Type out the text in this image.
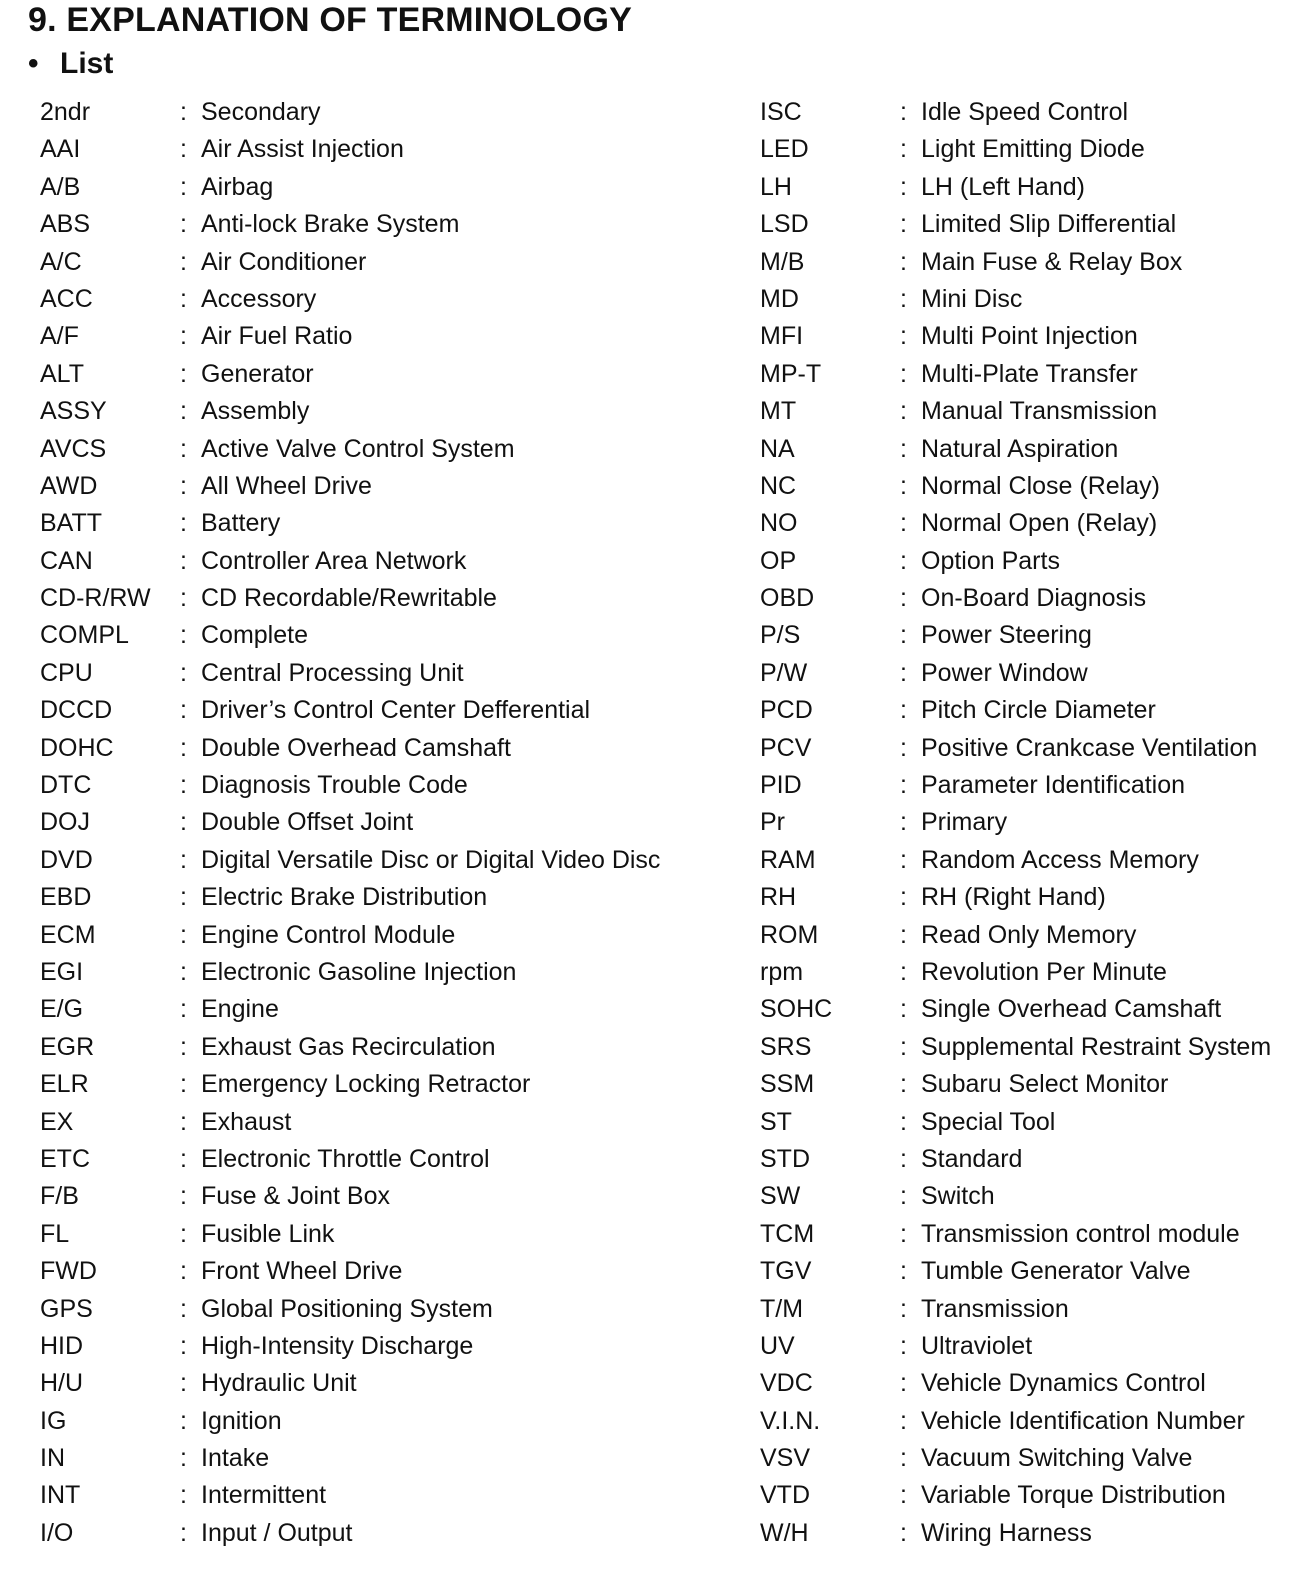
9. EXPLANATION OF TERMINOLOGY
• List
2ndr	: Secondary
AAI	: Air Assist Injection
A/B	: Airbag
ABS	: Anti-lock Brake System
A/C	: Air Conditioner
ACC	: Accessory
A/F	: Air Fuel Ratio
ALT	: Generator
ASSY	: Assembly
AVCS	: Active Valve Control System
AWD	: All Wheel Drive
BATT	: Battery
CAN	: Controller Area Network
CD-R/RW : CD Recordable/Rewritable
COMPL : Complete
CPU	: Central Processing Unit
DCCD	: Driver’s Control Center Defferential
DOHC	: Double Overhead Camshaft
DTC	: Diagnosis Trouble Code
DOJ	: Double Offset Joint
DVD	: Digital Versatile Disc or Digital Video Disc
EBD	: Electric Brake Distribution
ECM	: Engine Control Module
EGI	: Electronic Gasoline Injection
E/G	: Engine
EGR	: Exhaust Gas Recirculation
ELR	: Emergency Locking Retractor
EX	: Exhaust
ETC	: Electronic Throttle Control
F/B	: Fuse & Joint Box
FL	: Fusible Link
FWD	: Front Wheel Drive
GPS	: Global Positioning System
HID	: High-Intensity Discharge
H/U	: Hydraulic Unit
IG	: Ignition
IN	: Intake
INT	: Intermittent
I/O	: Input / Output
ISC	: Idle Speed Control
LED	: Light Emitting Diode
LH	: LH (Left Hand)
LSD	: Limited Slip Differential
M/B	: Main Fuse & Relay Box
MD	: Mini Disc
MFI	: Multi Point Injection
MP-T	: Multi-Plate Transfer
MT	: Manual Transmission
NA	: Natural Aspiration
NC	: Normal Close (Relay)
NO	: Normal Open (Relay)
OP	: Option Parts
OBD	: On-Board Diagnosis
P/S	: Power Steering
P/W	: Power Window
PCD	: Pitch Circle Diameter
PCV	: Positive Crankcase Ventilation
PID	: Parameter Identification
Pr	: Primary
RAM	: Random Access Memory
RH	: RH (Right Hand)
ROM	: Read Only Memory
rpm	: Revolution Per Minute
SOHC	: Single Overhead Camshaft
SRS	: Supplemental Restraint System
SSM	: Subaru Select Monitor
ST	: Special Tool
STD	: Standard
SW	: Switch
TCM	: Transmission control module
TGV	: Tumble Generator Valve
T/M	: Transmission
UV	: Ultraviolet
VDC	: Vehicle Dynamics Control
V.I.N.	: Vehicle Identification Number
VSV	: Vacuum Switching Valve
VTD	: Variable Torque Distribution
W/H	: Wiring Harness
